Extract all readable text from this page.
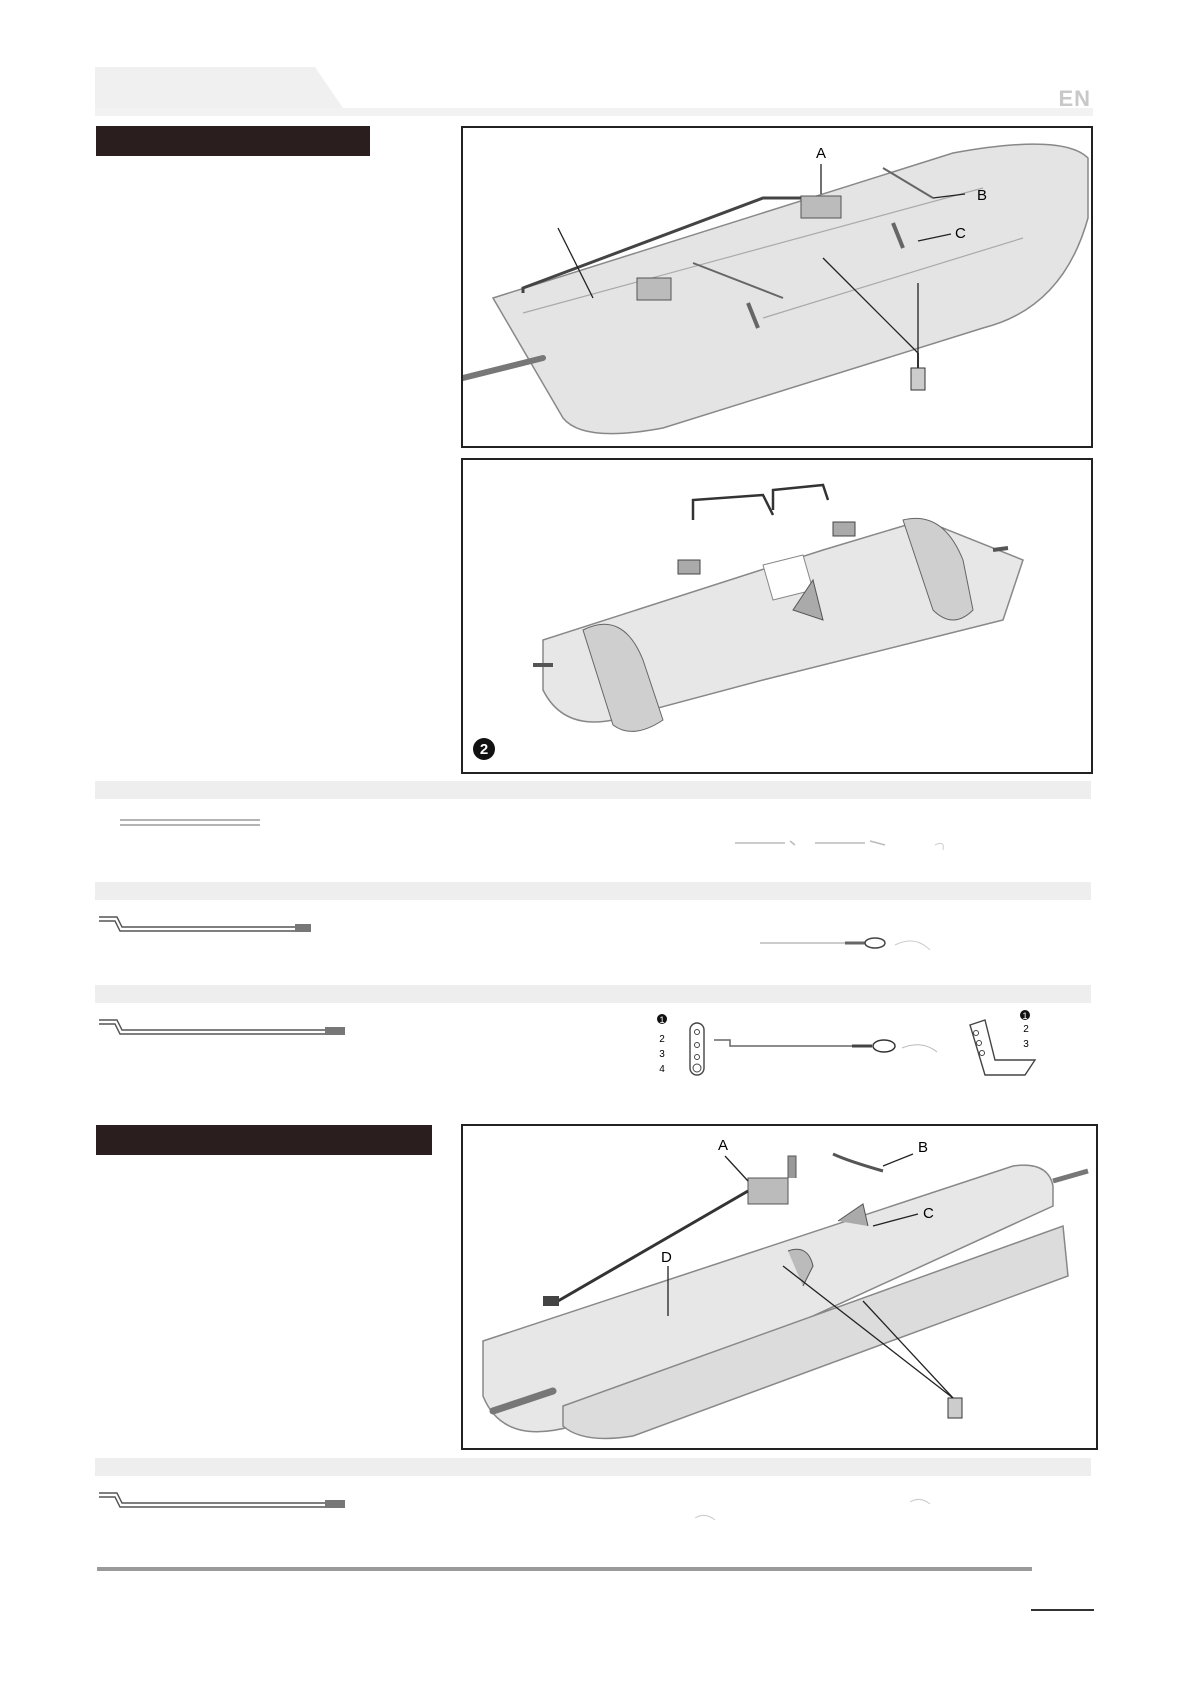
EN
A
B
C
2
1
2
3
4
1
2
3
A	B
C
D
